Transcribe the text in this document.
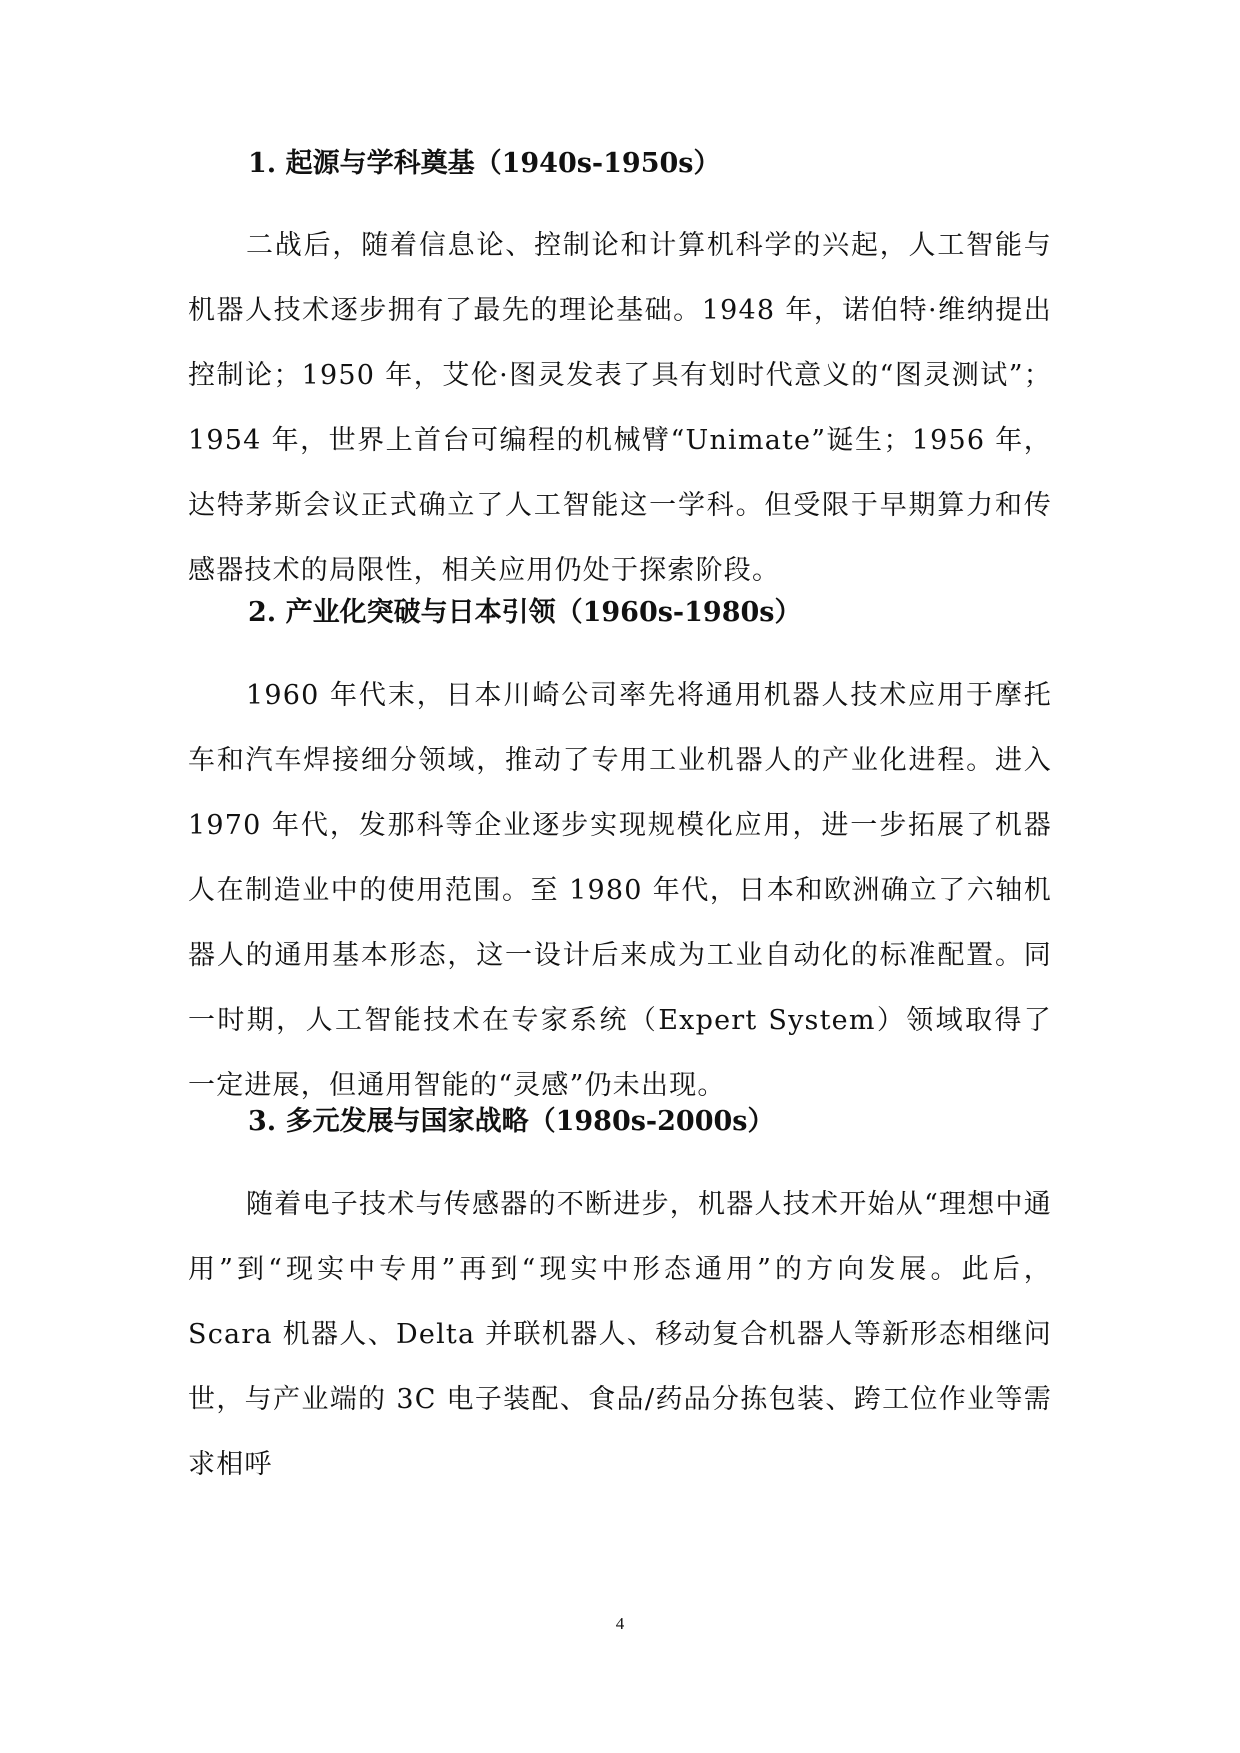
1. 起源与学科奠基（1940s-1950s）

二战后，随着信息论、控制论和计算机科学的兴起，人工智能与机器人技术逐步拥有了最先的理论基础。1948 年，诺伯特·维纳提出控制论；1950 年，艾伦·图灵发表了具有划时代意义的“图灵测试”；1954 年，世界上首台可编程的机械臂“Unimate”诞生；1956 年，达特茅斯会议正式确立了人工智能这一学科。但受限于早期算力和传感器技术的局限性，相关应用仍处于探索阶段。

2. 产业化突破与日本引领（1960s-1980s）

1960 年代末，日本川崎公司率先将通用机器人技术应用于摩托车和汽车焊接细分领域，推动了专用工业机器人的产业化进程。进入 1970 年代，发那科等企业逐步实现规模化应用，进一步拓展了机器人在制造业中的使用范围。至 1980 年代，日本和欧洲确立了六轴机器人的通用基本形态，这一设计后来成为工业自动化的标准配置。同一时期，人工智能技术在专家系统（Expert System）领域取得了一定进展，但通用智能的“灵感”仍未出现。

3. 多元发展与国家战略（1980s-2000s）

随着电子技术与传感器的不断进步，机器人技术开始从“理想中通用”到“现实中专用”再到“现实中形态通用”的方向发展。此后，Scara 机器人、Delta 并联机器人、移动复合机器人等新形态相继问世，与产业端的 3C 电子装配、食品/药品分拣包装、跨工位作业等需求相呼

4
